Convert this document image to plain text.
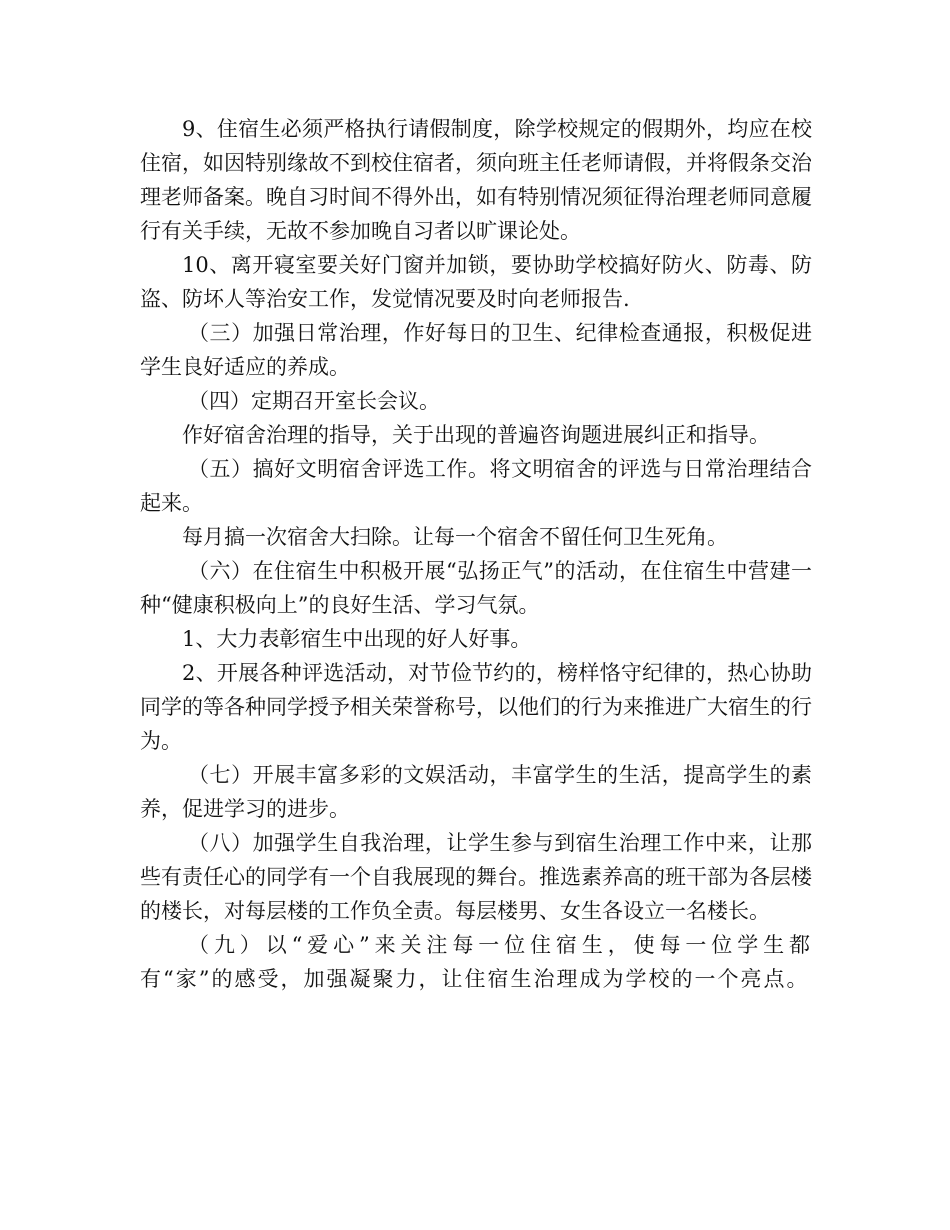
9、住宿生必须严格执行请假制度，除学校规定的假期外，均应在校住宿，如因特别缘故不到校住宿者，须向班主任老师请假，并将假条交治理老师备案。晚自习时间不得外出，如有特别情况须征得治理老师同意履行有关手续，无故不参加晚自习者以旷课论处。

10、离开寝室要关好门窗并加锁，要协助学校搞好防火、防毒、防盗、防坏人等治安工作，发觉情况要及时向老师报告.

（三）加强日常治理，作好每日的卫生、纪律检查通报，积极促进学生良好适应的养成。

（四）定期召开室长会议。

作好宿舍治理的指导，关于出现的普遍咨询题进展纠正和指导。

（五）搞好文明宿舍评选工作。将文明宿舍的评选与日常治理结合起来。

每月搞一次宿舍大扫除。让每一个宿舍不留任何卫生死角。

（六）在住宿生中积极开展“弘扬正气”的活动，在住宿生中营建一种“健康积极向上”的良好生活、学习气氛。

1、大力表彰宿生中出现的好人好事。

2、开展各种评选活动，对节俭节约的，榜样恪守纪律的，热心协助同学的等各种同学授予相关荣誉称号，以他们的行为来推进广大宿生的行为。

（七）开展丰富多彩的文娱活动，丰富学生的生活，提高学生的素养，促进学习的进步。

（八）加强学生自我治理，让学生参与到宿生治理工作中来，让那些有责任心的同学有一个自我展现的舞台。推选素养高的班干部为各层楼的楼长，对每层楼的工作负全责。每层楼男、女生各设立一名楼长。

（九）以“爱心”来关注每一位住宿生，使每一位学生都有“家”的感受，加强凝聚力，让住宿生治理成为学校的一个亮点。
